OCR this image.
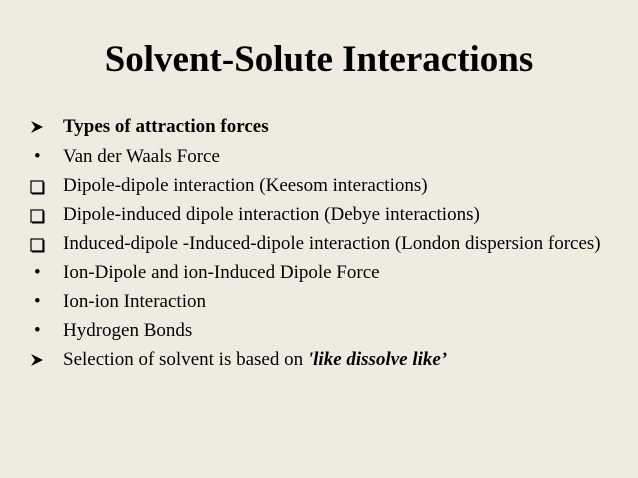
Solvent-Solute Interactions
Types of attraction forces
•	Van der Waals Force
Dipole-dipole interaction (Keesom interactions)
Dipole-induced dipole interaction (Debye interactions)
Induced-dipole -Induced-dipole interaction (London dispersion forces)
•	Ion-Dipole and ion-Induced Dipole Force
•	Ion-ion Interaction
•	Hydrogen Bonds
Selection of solvent is based on 'like dissolve like’
